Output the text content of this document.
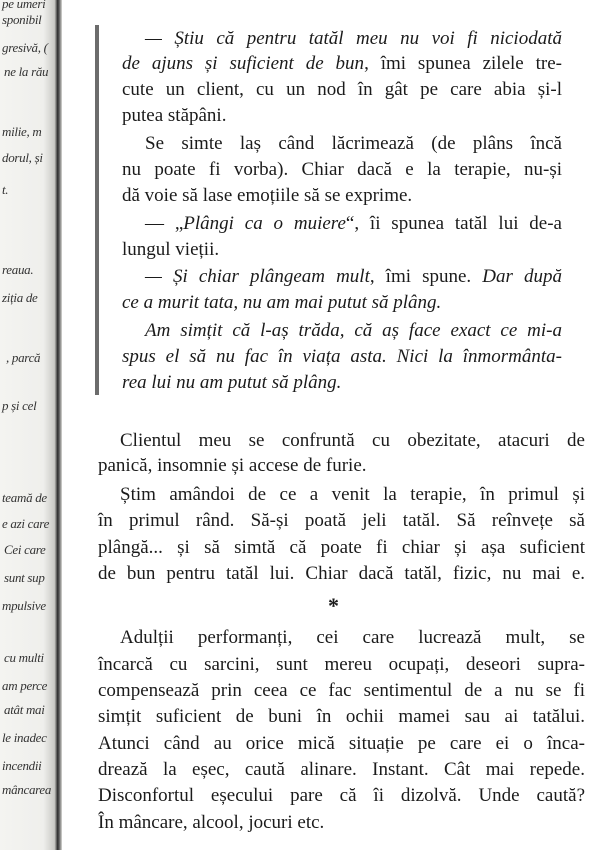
pe umeri
sponibil
gresivă, (
ne la rău
milie, m
dorul, și
t.
reaua.
ziția de
, parcă
p și cel
teamă de
e azi care
Cei care
sunt sup
mpulsive
cu multi
am perce
atât mai
le inadec
incendii
mâncarea
— Știu că pentru tatăl meu nu voi fi niciodată
de ajuns și suficient de bun, îmi spunea zilele tre-
cute un client, cu un nod în gât pe care abia și-l
putea stăpâni.
Se simte laș când lăcrimează (de plâns încă
nu poate fi vorba). Chiar dacă e la terapie, nu-și
dă voie să lase emoțiile să se exprime.
— „Plângi ca o muiere“, îi spunea tatăl lui de-a
lungul vieții.
— Și chiar plângeam mult, îmi spune. Dar după
ce a murit tata, nu am mai putut să plâng.
Am simțit că l-aș trăda, că aș face exact ce mi-a
spus el să nu fac în viața asta. Nici la înmormânta-
rea lui nu am putut să plâng.
Clientul meu se confruntă cu obezitate, atacuri de
panică, insomnie și accese de furie.
Știm amândoi de ce a venit la terapie, în primul și
în primul rând. Să-și poată jeli tatăl. Să reînvețe să
plângă... și să simtă că poate fi chiar și așa suficient
de bun pentru tatăl lui. Chiar dacă tatăl, fizic, nu mai e.
*
Adulții performanți, cei care lucrează mult, se
încarcă cu sarcini, sunt mereu ocupați, deseori supra-
compensează prin ceea ce fac sentimentul de a nu se fi
simțit suficient de buni în ochii mamei sau ai tatălui.
Atunci când au orice mică situație pe care ei o înca-
drează la eșec, caută alinare. Instant. Cât mai repede.
Disconfortul eșecului pare că îi dizolvă. Unde caută?
În mâncare, alcool, jocuri etc.
